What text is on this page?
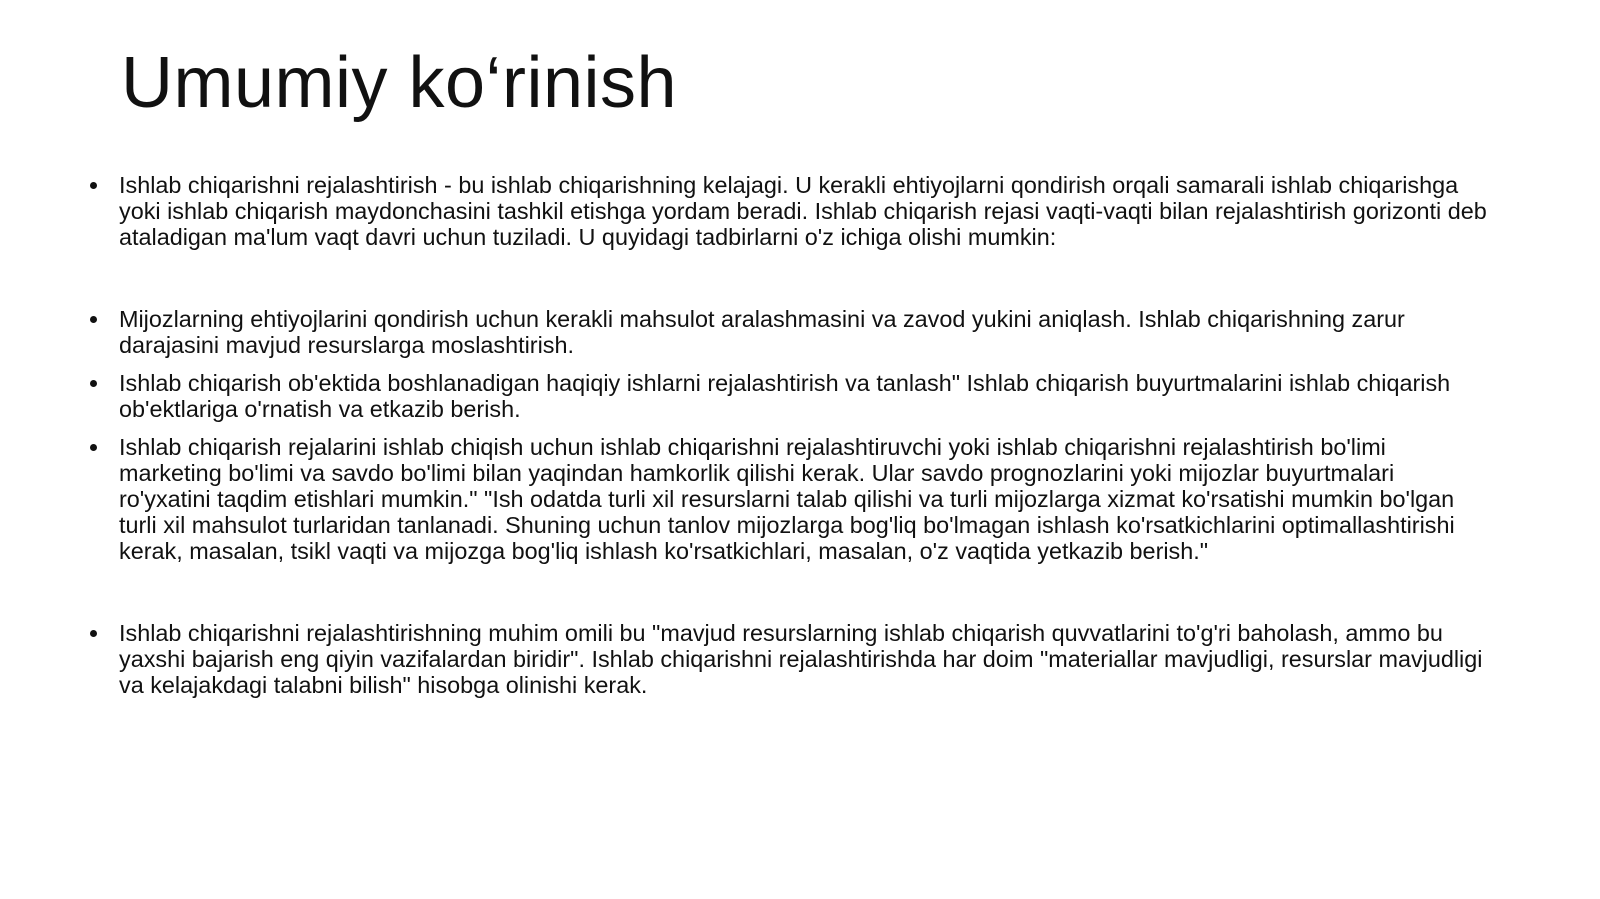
Umumiy ko‘rinish
Ishlab chiqarishni rejalashtirish - bu ishlab chiqarishning kelajagi. U kerakli ehtiyojlarni qondirish orqali samarali ishlab chiqarishga yoki ishlab chiqarish maydonchasini tashkil etishga yordam beradi. Ishlab chiqarish rejasi vaqti-vaqti bilan rejalashtirish gorizonti deb ataladigan ma'lum vaqt davri uchun tuziladi. U quyidagi tadbirlarni o'z ichiga olishi mumkin:
Mijozlarning ehtiyojlarini qondirish uchun kerakli mahsulot aralashmasini va zavod yukini aniqlash. Ishlab chiqarishning zarur darajasini mavjud resurslarga moslashtirish.
Ishlab chiqarish ob'ektida boshlanadigan haqiqiy ishlarni rejalashtirish va tanlash" Ishlab chiqarish buyurtmalarini ishlab chiqarish ob'ektlariga o'rnatish va etkazib berish.
Ishlab chiqarish rejalarini ishlab chiqish uchun ishlab chiqarishni rejalashtiruvchi yoki ishlab chiqarishni rejalashtirish bo'limi marketing bo'limi va savdo bo'limi bilan yaqindan hamkorlik qilishi kerak. Ular savdo prognozlarini yoki mijozlar buyurtmalari ro'yxatini taqdim etishlari mumkin." "Ish odatda turli xil resurslarni talab qilishi va turli mijozlarga xizmat ko'rsatishi mumkin bo'lgan turli xil mahsulot turlaridan tanlanadi. Shuning uchun tanlov mijozlarga bog'liq bo'lmagan ishlash ko'rsatkichlarini optimallashtirishi kerak, masalan, tsikl vaqti va mijozga bog'liq ishlash ko'rsatkichlari, masalan, o'z vaqtida yetkazib berish."
Ishlab chiqarishni rejalashtirishning muhim omili bu "mavjud resurslarning ishlab chiqarish quvvatlarini to'g'ri baholash, ammo bu yaxshi bajarish eng qiyin vazifalardan biridir". Ishlab chiqarishni rejalashtirishda har doim "materiallar mavjudligi, resurslar mavjudligi va kelajakdagi talabni bilish" hisobga olinishi kerak.
